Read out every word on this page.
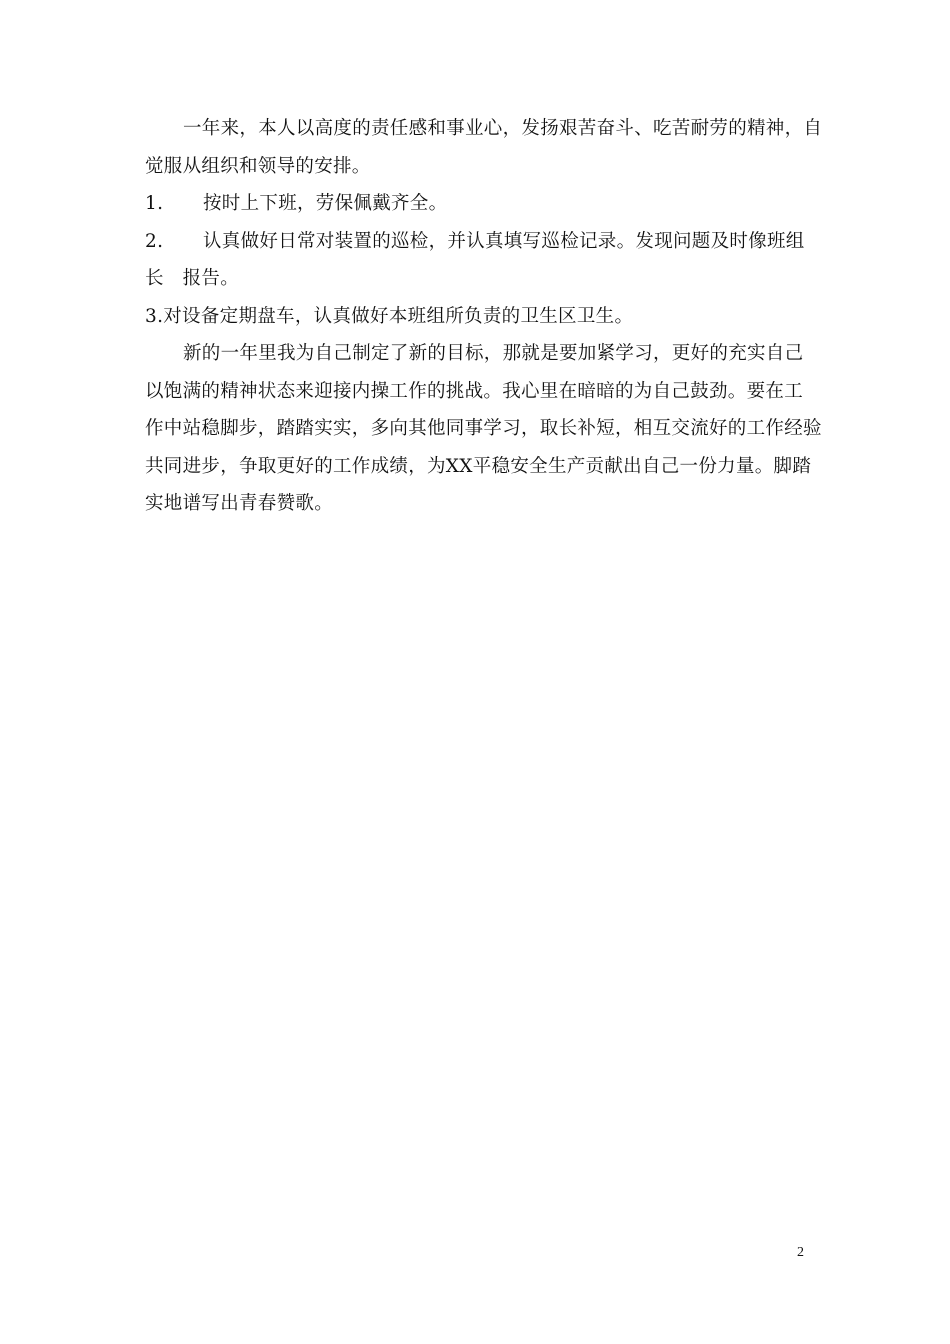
一年来，本人以高度的责任感和事业心，发扬艰苦奋斗、吃苦耐劳的精神，自
觉服从组织和领导的安排。
1. 按时上下班，劳保佩戴齐全。
2. 认真做好日常对装置的巡检，并认真填写巡检记录。发现问题及时像班组
长　报告。
3.对设备定期盘车，认真做好本班组所负责的卫生区卫生。
新的一年里我为自己制定了新的目标，那就是要加紧学习，更好的充实自己
以饱满的精神状态来迎接内操工作的挑战。我心里在暗暗的为自己鼓劲。要在工
作中站稳脚步，踏踏实实，多向其他同事学习，取长补短，相互交流好的工作经验
共同进步，争取更好的工作成绩，为XX平稳安全生产贡献出自己一份力量。脚踏
实地谱写出青春赞歌。
2
